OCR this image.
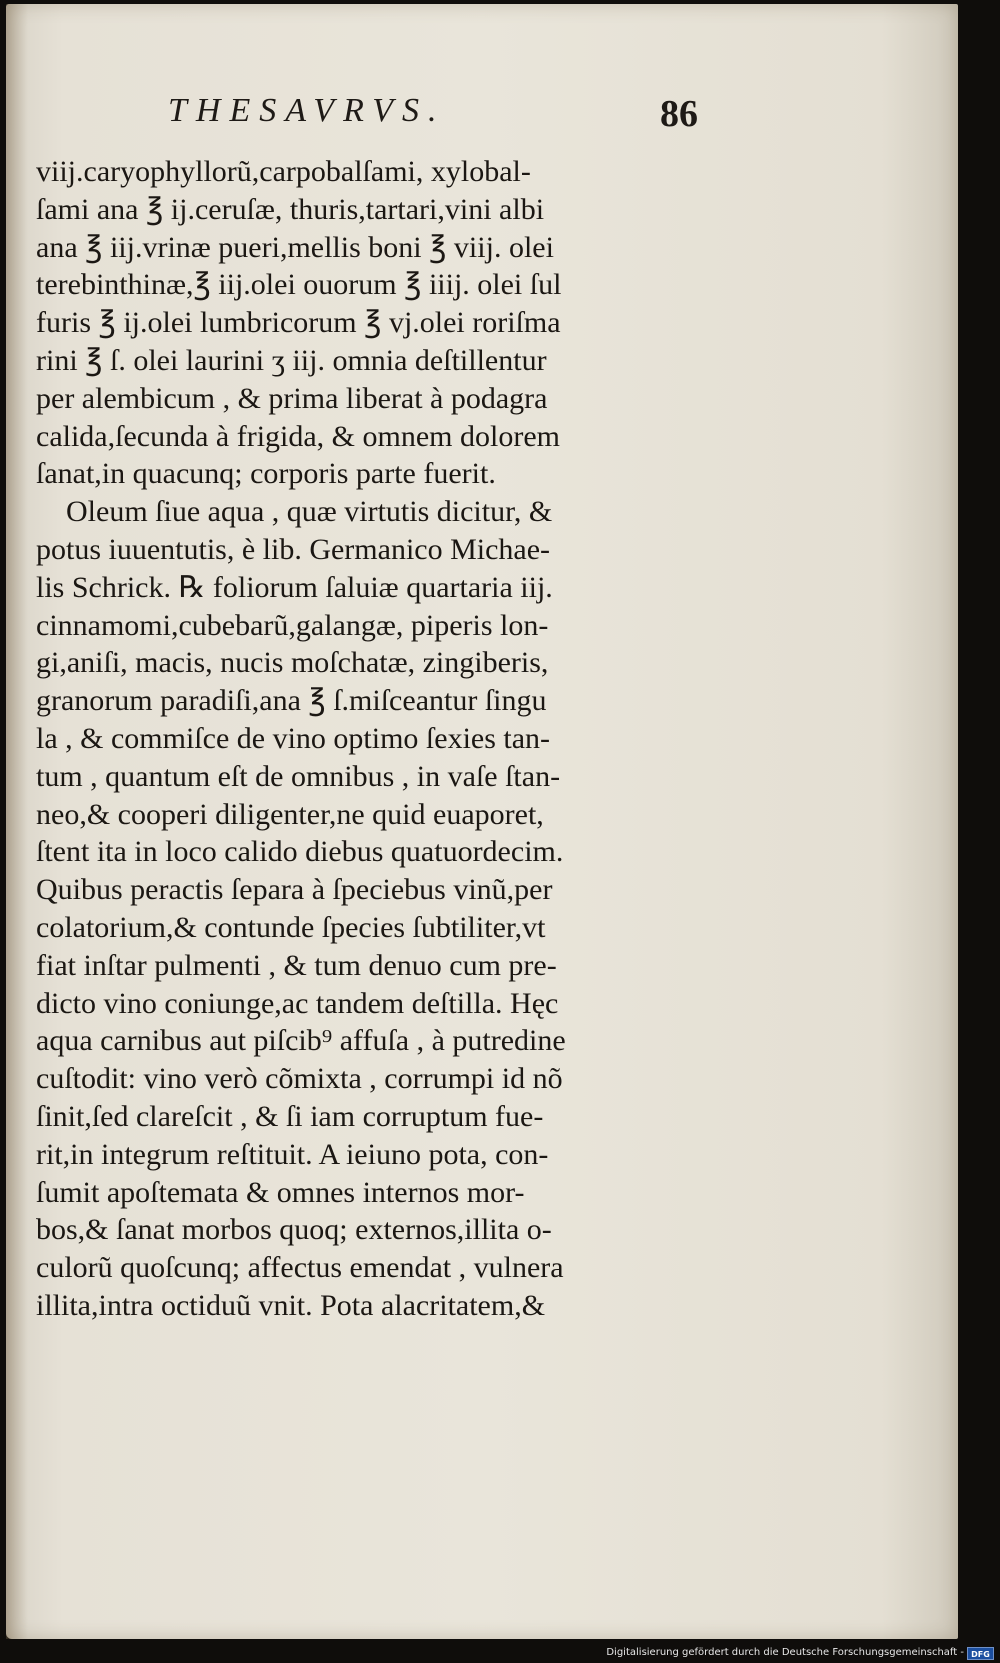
THESAVRVS.	86
viij.caryophyllorũ,carpobalſami, xylobal-
ſami ana ℥ ij.ceruſæ, thuris,tartari,vini albi
ana ℥ iij.vrinæ pueri,mellis boni ℥ viij. olei
terebinthinæ,℥ iij.olei ouorum ℥ iiij. olei ſul
furis ℥ ij.olei lumbricorum ℥ vj.olei roriſma
rini ℥ ſ. olei laurini ʒ iij. omnia deſtillentur
per alembicum , & prima liberat à podagra
calida,ſecunda à frigida, & omnem dolorem
ſanat,in quacunq; corporis parte fuerit.
Oleum ſiue aqua , quæ virtutis dicitur, &
potus iuuentutis, è lib. Germanico Michae-
lis Schrick. ℞ foliorum ſaluiæ quartaria iij.
cinnamomi,cubebarũ,galangæ, piperis lon-
gi,aniſi, macis, nucis moſchatæ, zingiberis,
granorum paradiſi,ana ℥ ſ.miſceantur ſingu
la , & commiſce de vino optimo ſexies tan-
tum , quantum eſt de omnibus , in vaſe ſtan-
neo,& cooperi diligenter,ne quid euaporet,
ſtent ita in loco calido diebus quatuordecim.
Quibus peractis ſepara à ſpeciebus vinũ,per
colatorium,& contunde ſpecies ſubtiliter,vt
fiat inſtar pulmenti , & tum denuo cum pre-
dicto vino coniunge,ac tandem deſtilla. Hęc
aqua carnibus aut piſcib⁹ affuſa , à putredine
cuſtodit: vino verò cõmixta , corrumpi id nõ
ſinit,ſed clareſcit , & ſi iam corruptum fue-
rit,in integrum reſtituit. A ieiuno pota, con-
ſumit apoſtemata & omnes internos mor-
bos,& ſanat morbos quoq; externos,illita o-
culorũ quoſcunq; affectus emendat , vulnera
illita,intra octiduũ vnit. Pota alacritatem,&
Digitalisierung gefördert durch die Deutsche Forschungsgemeinschaft - DFG
